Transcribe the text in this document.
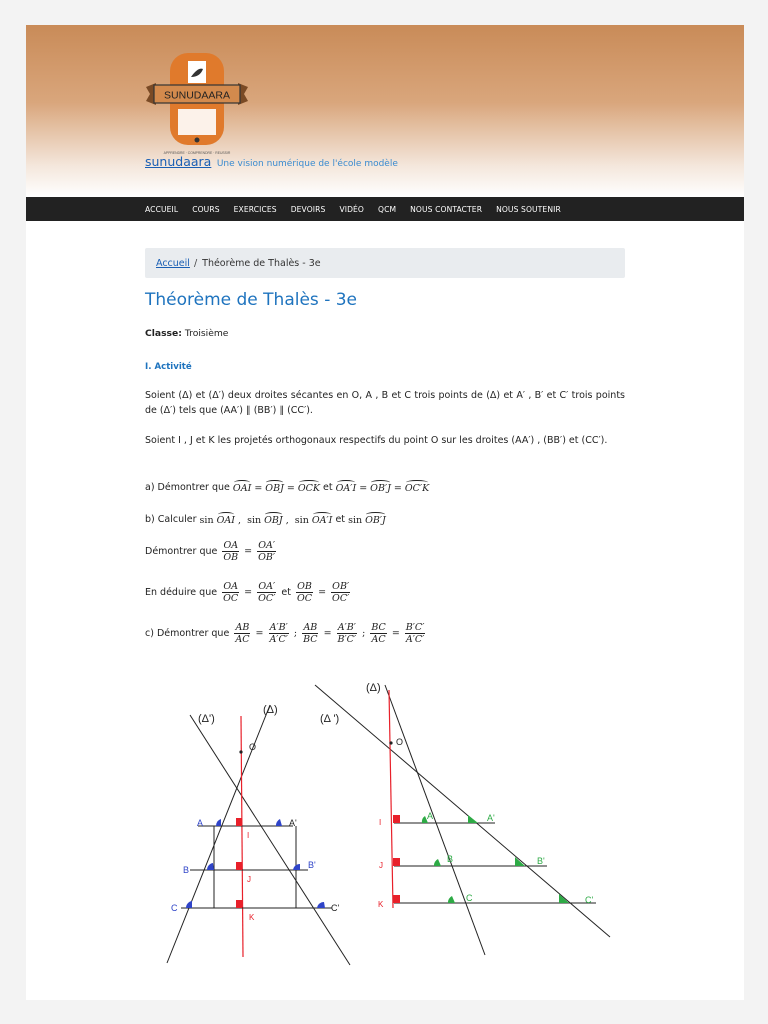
SUNUDAARA
APPRENDRE · COMPRENDRE · REUSSIR
sunudaara Une vision numérique de l'école modèle
ACCUEIL COURS EXERCICES DEVOIRS VIDÉO QCM NOUS CONTACTER NOUS SOUTENIR
Accueil / Théorème de Thalès - 3e
Théorème de Thalès - 3e
Classe: Troisième
I. Activité
Soient (Δ) et (Δ′) deux droites sécantes en O, A , B et C trois points de (Δ) et A′ , B′ et C′ trois points de (Δ′) tels que (AA′) ∥ (BB′) ∥ (CC′).
Soient I , J et K les projetés orthogonaux respectifs du point O sur les droites (AA′) , (BB′) et (CC′).
a) Démontrer que
OAI = OBJ = OCK
et
OA′I = OB′J = OC′K
b) Calculer
sin OAI ,  sin OBJ ,  sin OA′I
et
sin OB′J
Démontrer que
$\frac{OA}{OB} = \frac{OA'}{OB'}$
En déduire que
$\frac{OA}{OC} = \frac{OA'}{OC'}$
et
$\frac{OB}{OC} = \frac{OB'}{OC'}$
c) Démontrer que
$\frac{AB}{AC} = \frac{A'B'}{A'C'}$ ; $\frac{AB}{BC} = \frac{A'B'}{B'C'}$ ; $\frac{BC}{AC} = \frac{B'C'}{A'C'}$
(Δ')
(Δ)
O
A	A'
I
B	B'
J
C	C'
K
(Δ)
(Δ ')
O
I
A	A'
J
B	B'
K
C	C'
